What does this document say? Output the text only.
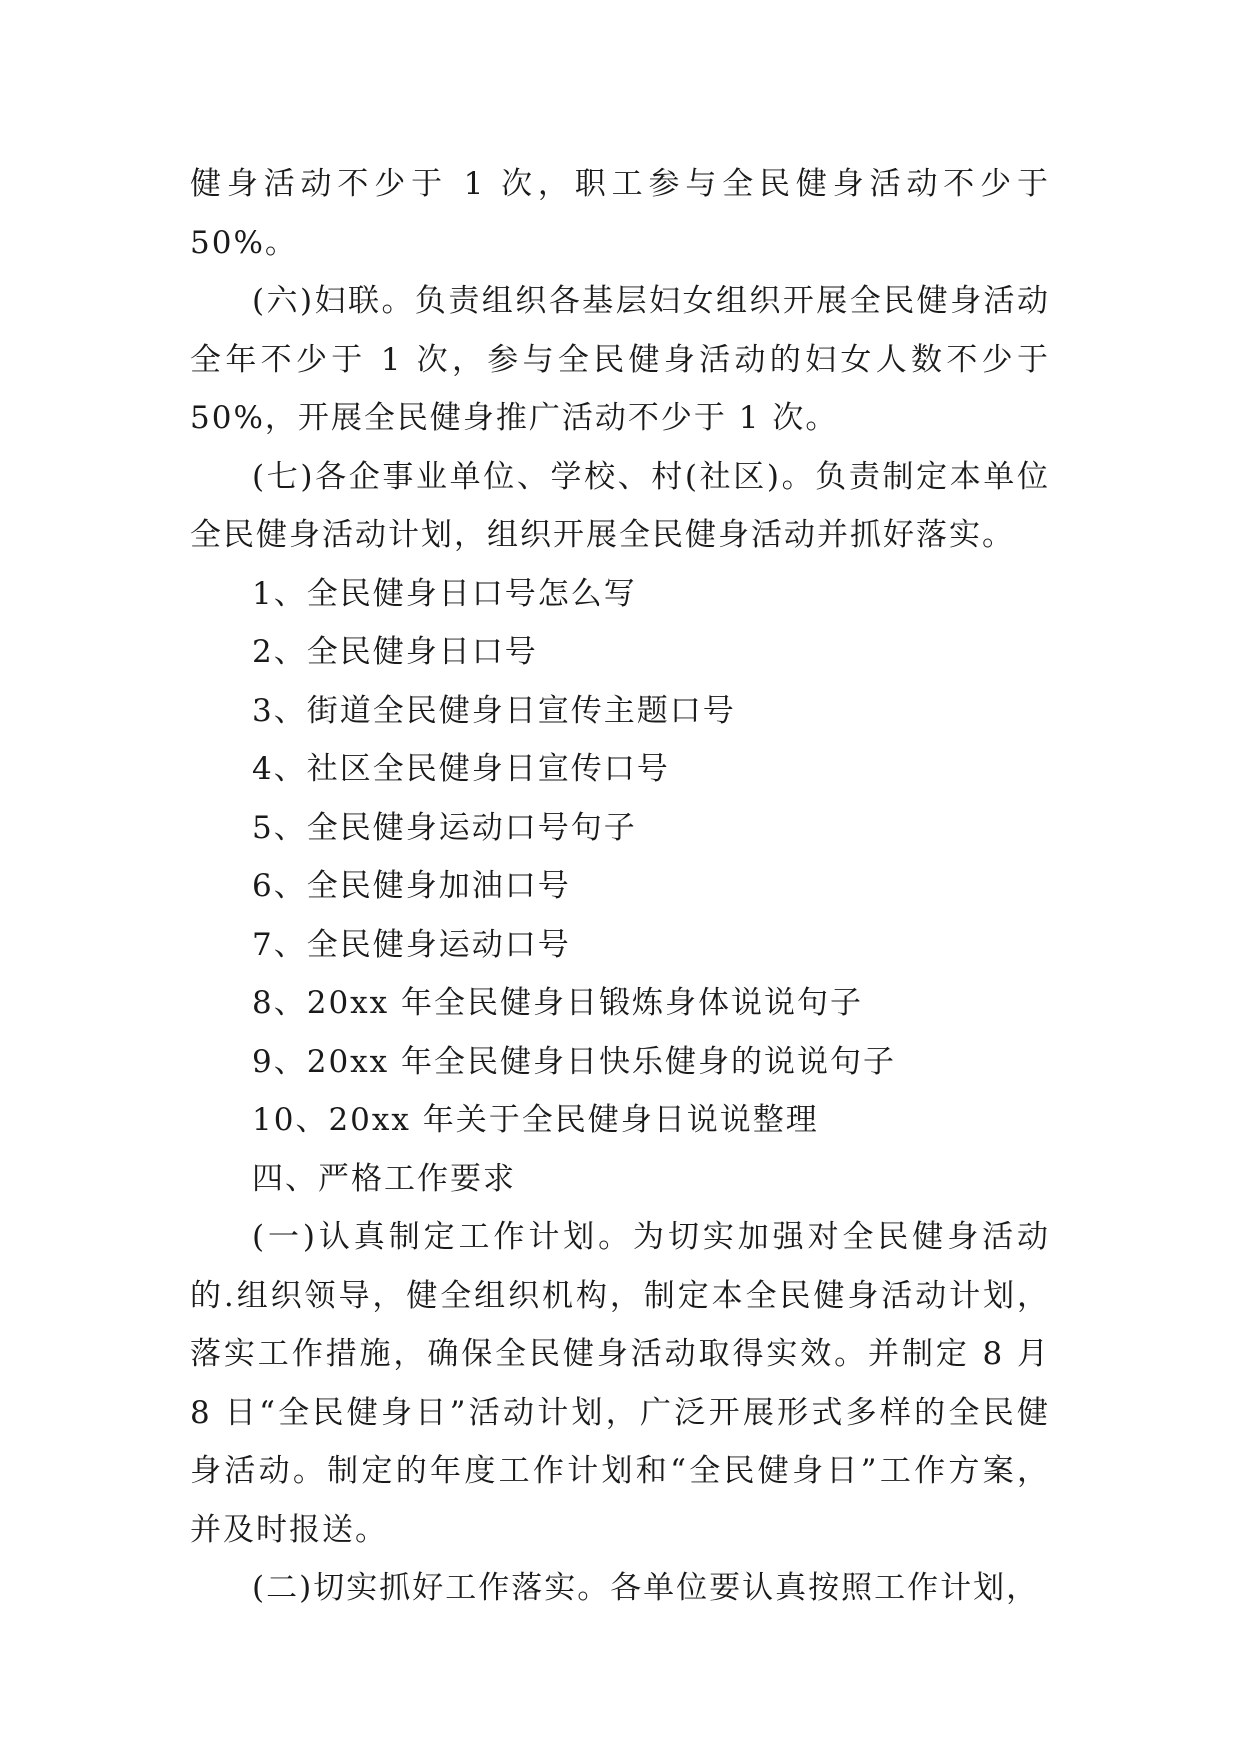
健身活动不少于 1 次，职工参与全民健身活动不少于 50%。

(六)妇联。负责组织各基层妇女组织开展全民健身活动全年不少于 1 次，参与全民健身活动的妇女人数不少于 50%，开展全民健身推广活动不少于 1 次。

(七)各企事业单位、学校、村(社区)。负责制定本单位全民健身活动计划，组织开展全民健身活动并抓好落实。

1、全民健身日口号怎么写

2、全民健身日口号

3、街道全民健身日宣传主题口号

4、社区全民健身日宣传口号

5、全民健身运动口号句子

6、全民健身加油口号

7、全民健身运动口号

8、20xx 年全民健身日锻炼身体说说句子

9、20xx 年全民健身日快乐健身的说说句子

10、20xx 年关于全民健身日说说整理

四、严格工作要求

(一)认真制定工作计划。为切实加强对全民健身活动的.组织领导，健全组织机构，制定本全民健身活动计划，落实工作措施，确保全民健身活动取得实效。并制定 8 月 8 日“全民健身日”活动计划，广泛开展形式多样的全民健身活动。制定的年度工作计划和“全民健身日”工作方案，并及时报送。

(二)切实抓好工作落实。各单位要认真按照工作计划，
